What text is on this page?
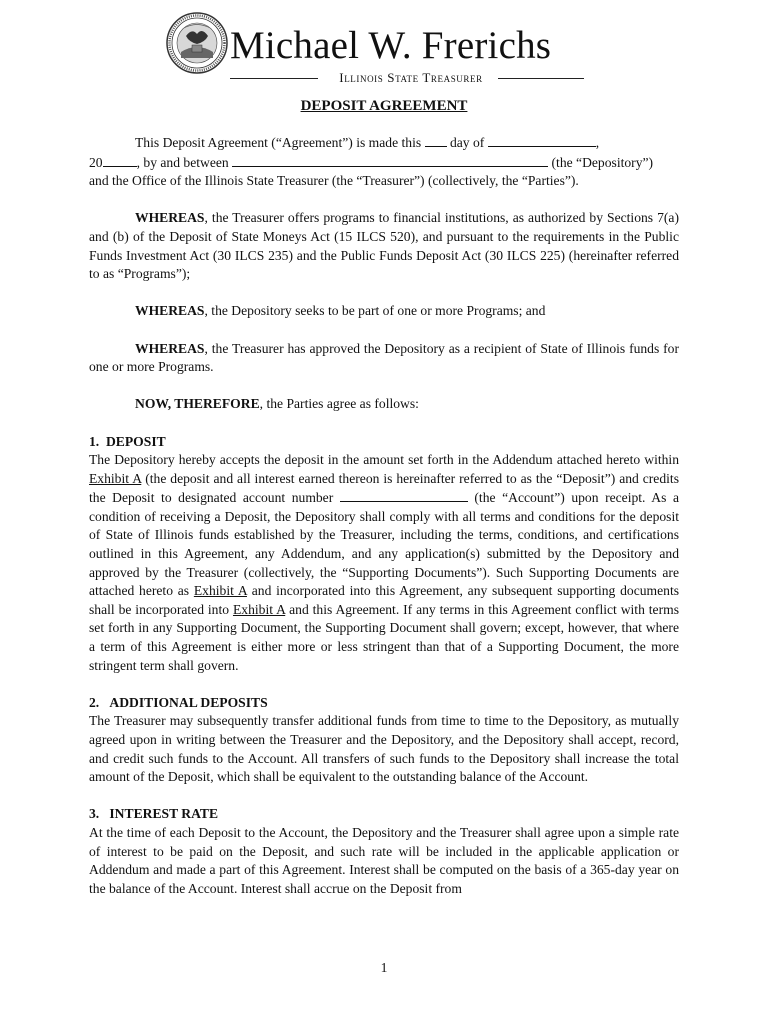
Michael W. Frerichs
Illinois State Treasurer
DEPOSIT AGREEMENT

This Deposit Agreement (“Agreement”) is made this day of	,

20	, by and between	(the “Depository”)

and the Office of the Illinois State Treasurer (the “Treasurer”) (collectively, the “Parties”).

WHEREAS, the Treasurer offers programs to financial institutions, as authorized by Sections 7(a) and (b) of the Deposit of State Moneys Act (15 ILCS 520), and pursuant to the requirements in the Public Funds Investment Act (30 ILCS 235) and the Public Funds Deposit Act (30 ILCS 225) (hereinafter referred to as “Programs”);

WHEREAS, the Depository seeks to be part of one or more Programs; and

WHEREAS, the Treasurer has approved the Depository as a recipient of State of Illinois funds for one or more Programs.

NOW, THEREFORE, the Parties agree as follows:

1.  DEPOSIT

The Depository hereby accepts the deposit in the amount set forth in the Addendum attached hereto within Exhibit A (the deposit and all interest earned thereon is hereinafter referred to as the “Deposit”) and credits the Deposit to designated account number	(the “Account”) upon receipt. As a condition of receiving a Deposit, the Depository shall comply with all terms and conditions for the deposit of State of Illinois funds established by the Treasurer, including the terms, conditions, and certifications outlined in this Agreement, any Addendum, and any application(s) submitted by the Depository and approved by the Treasurer (collectively, the “Supporting Documents”). Such Supporting Documents are attached hereto as Exhibit A and incorporated into this Agreement, any subsequent supporting documents shall be incorporated into Exhibit A and this Agreement. If any terms in this Agreement conflict with terms set forth in any Supporting Document, the Supporting Document shall govern; except, however, that where a term of this Agreement is either more or less stringent than that of a Supporting Document, the more stringent term shall govern.

2.   ADDITIONAL DEPOSITS

The Treasurer may subsequently transfer additional funds from time to time to the Depository, as mutually agreed upon in writing between the Treasurer and the Depository, and the Depository shall accept, record, and credit such funds to the Account. All transfers of such funds to the Depository shall increase the total amount of the Deposit, which shall be equivalent to the outstanding balance of the Account.

3.   INTEREST RATE

At the time of each Deposit to the Account, the Depository and the Treasurer shall agree upon a simple rate of interest to be paid on the Deposit, and such rate will be included in the applicable application or Addendum and made a part of this Agreement. Interest shall be computed on the basis of a 365-day year on the balance of the Account. Interest shall accrue on the Deposit from

1
